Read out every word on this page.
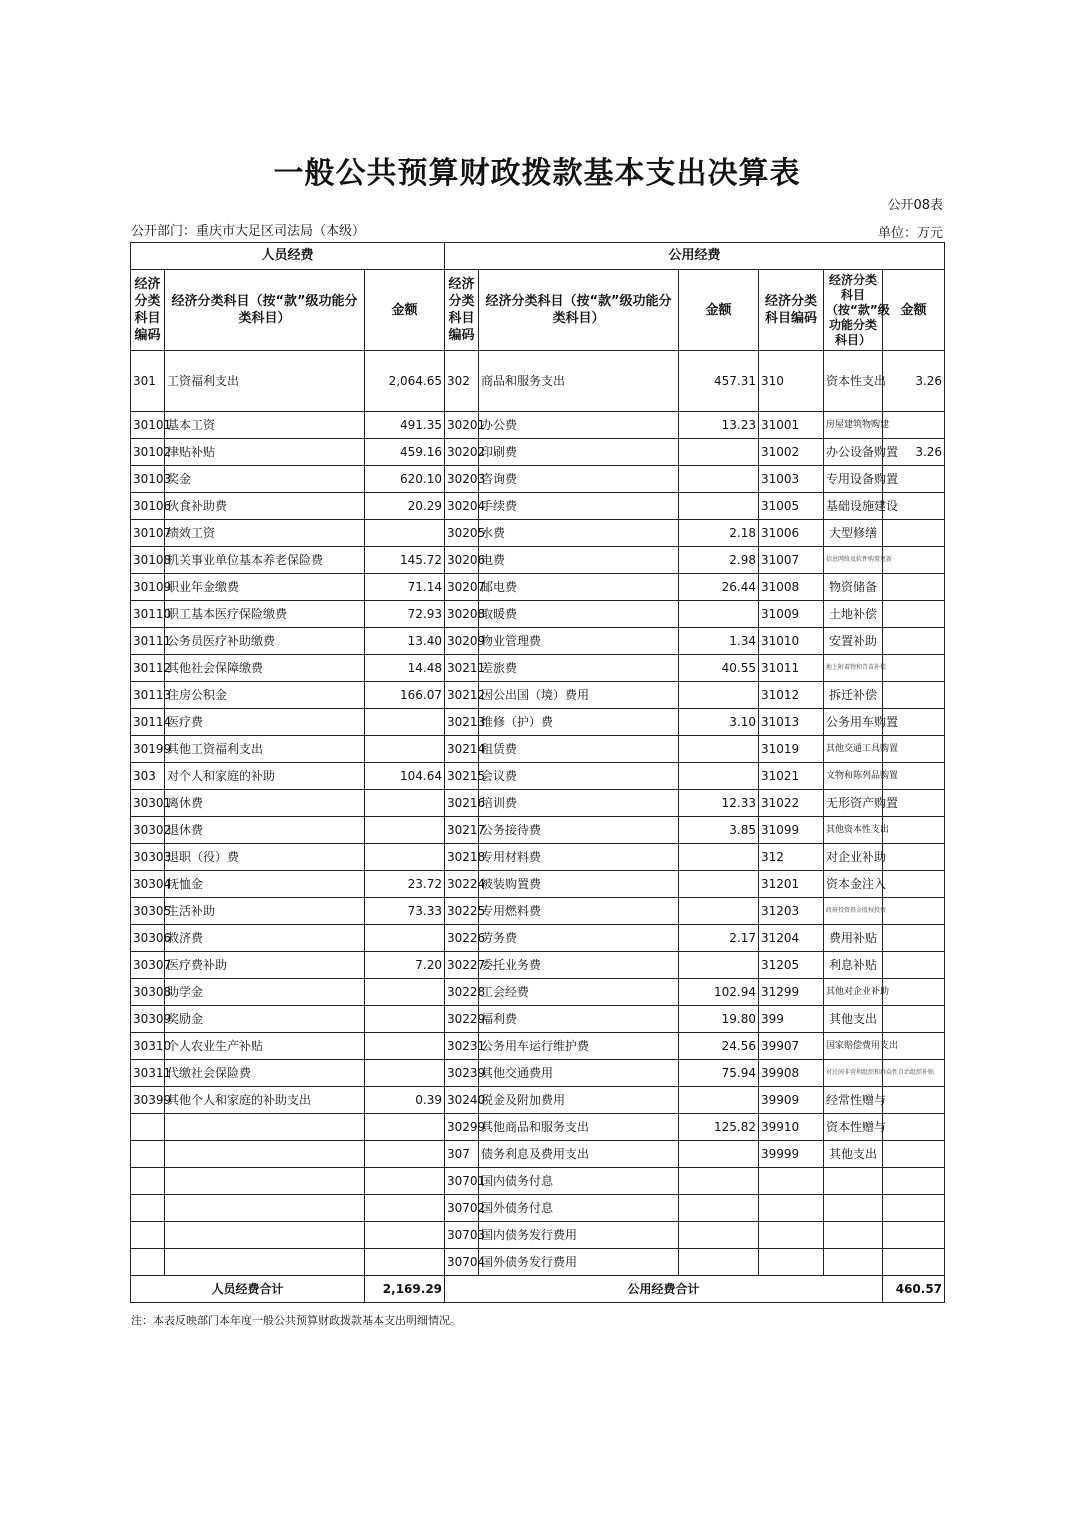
一般公共预算财政拨款基本支出决算表
公开08表
公开部门：重庆市大足区司法局（本级）	单位：万元
人员经费			公用经费					
经济分类科目编码	经济分类科目（按“款”级功能分类科目）	金额	经济分类科目编码	经济分类科目（按“款”级功能分类科目）	金额	经济分类科目编码	经济分类科目（按“款”级功能分类科目）	金额
301	工资福利支出	2,064.65	302	商品和服务支出	457.31	310	资本性支出	3.26
30101	基本工资	491.35	30201	办公费	13.23	31001	房屋建筑物购建	
30102	津贴补贴	459.16	30202	印刷费		31002	办公设备购置	3.26
30103	奖金	620.10	30203	咨询费		31003	专用设备购置	
30106	伙食补助费	20.29	30204	手续费		31005	基础设施建设	
30107	绩效工资		30205	水费	2.18	31006	大型修缮	
30108	机关事业单位基本养老保险费	145.72	30206	电费	2.98	31007	信息网络及软件购置更新	
30109	职业年金缴费	71.14	30207	邮电费	26.44	31008	物资储备	
30110	职工基本医疗保险缴费	72.93	30208	取暖费		31009	土地补偿	
30111	公务员医疗补助缴费	13.40	30209	物业管理费	1.34	31010	安置补助	
30112	其他社会保障缴费	14.48	30211	差旅费	40.55	31011	地上附着物和青苗补偿	
30113	住房公积金	166.07	30212	因公出国（境）费用		31012	拆迁补偿	
30114	医疗费		30213	维修（护）费	3.10	31013	公务用车购置	
30199	其他工资福利支出		30214	租赁费		31019	其他交通工具购置	
303	对个人和家庭的补助	104.64	30215	会议费		31021	文物和陈列品购置	
30301	离休费		30216	培训费	12.33	31022	无形资产购置	
30302	退休费		30217	公务接待费	3.85	31099	其他资本性支出	
30303	退职（役）费		30218	专用材料费		312	对企业补助	
30304	抚恤金	23.72	30224	被装购置费		31201	资本金注入	
30305	生活补助	73.33	30225	专用燃料费		31203	政府投资基金股权投资	
30306	救济费		30226	劳务费	2.17	31204	费用补贴	
30307	医疗费补助	7.20	30227	委托业务费		31205	利息补贴	
30308	助学金		30228	工会经费	102.94	31299	其他对企业补助	
30309	奖励金		30229	福利费	19.80	399	其他支出	
30310	个人农业生产补贴		30231	公务用车运行维护费	24.56	39907	国家赔偿费用支出	
30311	代缴社会保险费		30239	其他交通费用	75.94	39908	对民间非营利组织和群众性自治组织补贴	
30399	其他个人和家庭的补助支出	0.39	30240	税金及附加费用		39909	经常性赠与	
			30299	其他商品和服务支出	125.82	39910	资本性赠与	
			307	债务利息及费用支出		39999	其他支出	
			30701	国内债务付息				
			30702	国外债务付息				
			30703	国内债务发行费用				
			30704	国外债务发行费用				
人员经费合计		2,169.29	公用经费合计					460.57
注：本表反映部门本年度一般公共预算财政拨款基本支出明细情况。
